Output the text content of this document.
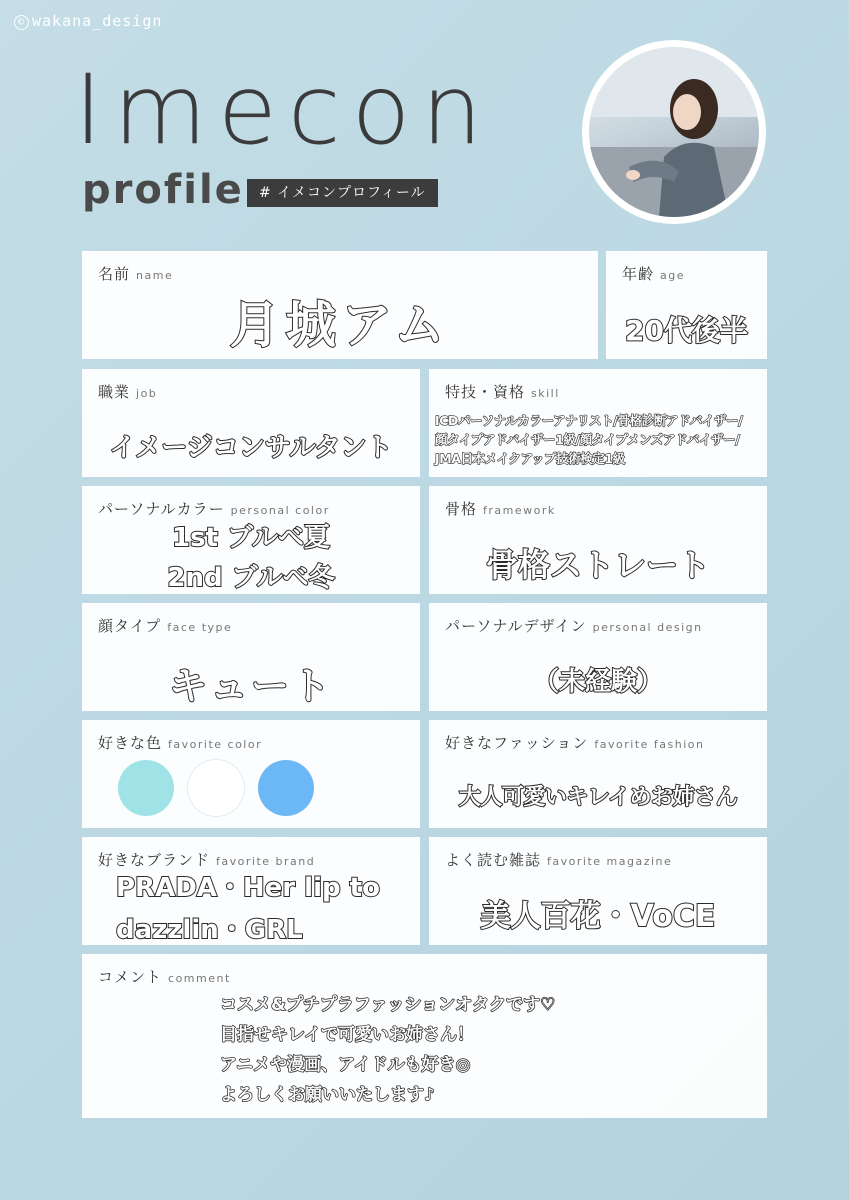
© wakana_design
Imecon
profile	# イメコンプロフィール
名前 name
月城アム
年齢 age
20代後半
職業 job
イメージコンサルタント
特技・資格 skill
ICDパーソナルカラーアナリスト/骨格診断アドバイザー/
顔タイプアドバイザー1級/顔タイプメンズアドバイザー/
JMA日本メイクアップ技術検定1級
パーソナルカラー personal color
1st ブルベ夏
2nd ブルベ冬
骨格 framework
骨格ストレート
顔タイプ face type
キュート
パーソナルデザイン personal design
（未経験）
好きな色 favorite color	好きなファッション favorite fashion
大人可愛いキレイめお姉さん
好きなブランド favorite brand
PRADA・Her lip to
dazzlin・GRL
よく読む雑誌 favorite magazine
美人百花・VoCE
コメント comment
コスメ&プチプラファッションオタクです♡
目指せキレイで可愛いお姉さん！
アニメや漫画、アイドルも好き◎
よろしくお願いいたします♪
